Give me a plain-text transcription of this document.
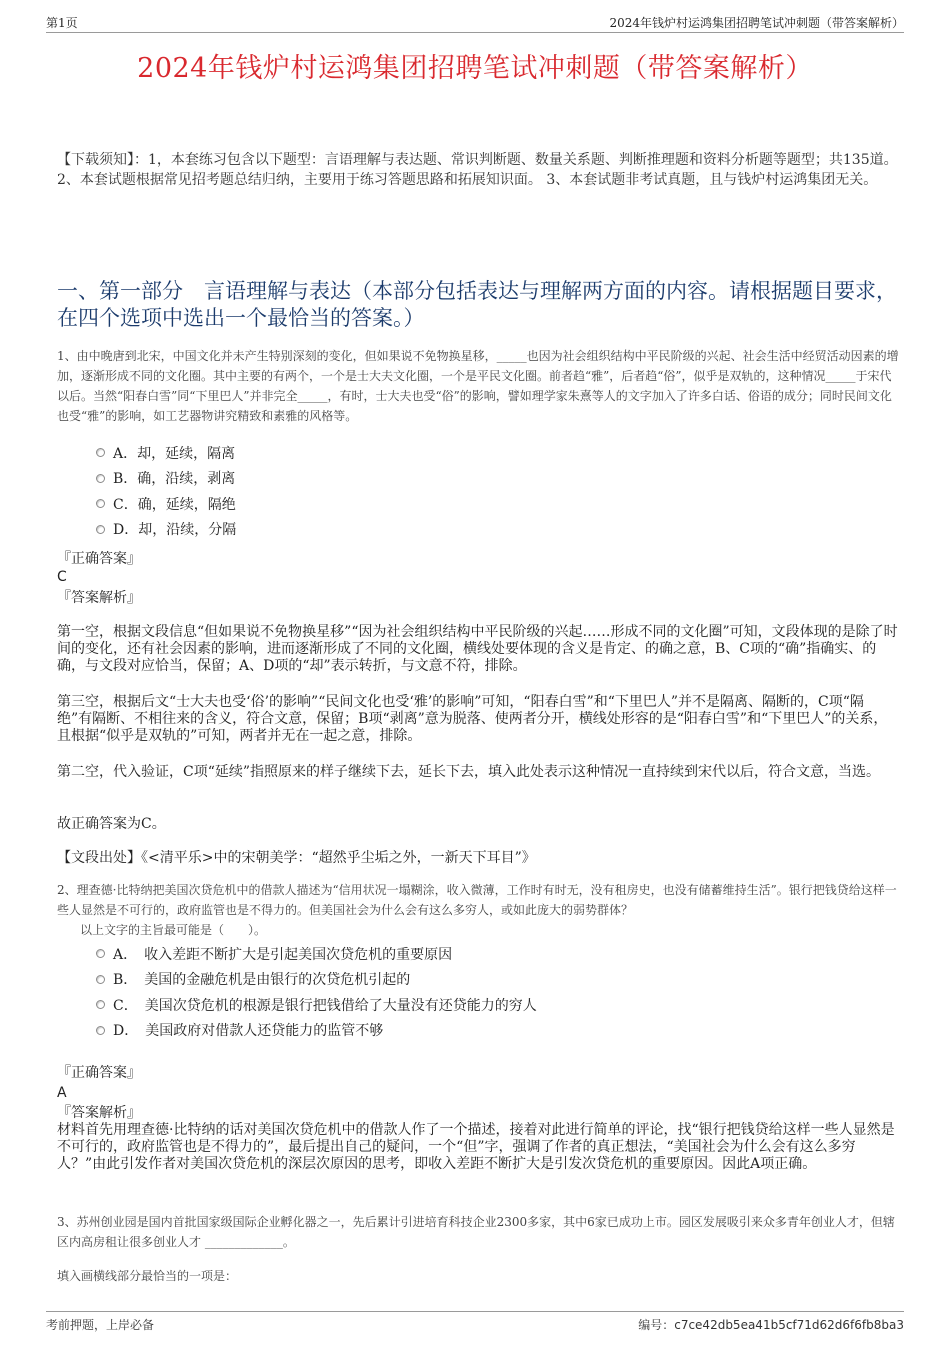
第1页	2024年钱炉村运鸿集团招聘笔试冲刺题（带答案解析）
2024年钱炉村运鸿集团招聘笔试冲刺题（带答案解析）
【下载须知】：1，本套练习包含以下题型：言语理解与表达题、常识判断题、数量关系题、判断推理题和资料分析题等题型；共135道。 2、本套试题根据常见招考题总结归纳，主要用于练习答题思路和拓展知识面。 3、本套试题非考试真题，且与钱炉村运鸿集团无关。
一、第一部分　言语理解与表达（本部分包括表达与理解两方面的内容。请根据题目要求，在四个选项中选出一个最恰当的答案。）
1、由中晚唐到北宋，中国文化并未产生特别深刻的变化，但如果说不免物换星移，_____也因为社会组织结构中平民阶级的兴起、社会生活中经贸活动因素的增加，逐渐形成不同的文化圈。其中主要的有两个，一个是士大夫文化圈，一个是平民文化圈。前者趋“雅”，后者趋“俗”，似乎是双轨的，这种情况_____于宋代以后。当然“阳春白雪”同“下里巴人”并非完全_____，有时，士大夫也受“俗”的影响，譬如理学家朱熹等人的文字加入了许多白话、俗语的成分；同时民间文化也受“雅”的影响，如工艺器物讲究精致和素雅的风格等。
A．却，延续，隔离
B．确，沿续，剥离
C．确，延续，隔绝
D．却，沿续，分隔
『正确答案』
C
『答案解析』
第一空，根据文段信息“但如果说不免物换星移”“因为社会组织结构中平民阶级的兴起……形成不同的文化圈”可知，文段体现的是除了时间的变化，还有社会因素的影响，进而逐渐形成了不同的文化圈，横线处要体现的含义是肯定、的确之意，B、C项的“确”指确实、的确，与文段对应恰当，保留；A、D项的“却”表示转折，与文意不符，排除。
第三空，根据后文“士大夫也受‘俗’的影响”“民间文化也受‘雅’的影响”可知，“阳春白雪”和“下里巴人”并不是隔离、隔断的，C项“隔绝”有隔断、不相往来的含义，符合文意，保留；B项“剥离”意为脱落、使两者分开，横线处形容的是“阳春白雪”和“下里巴人”的关系，且根据“似乎是双轨的”可知，两者并无在一起之意，排除。
第二空，代入验证，C项“延续”指照原来的样子继续下去，延长下去，填入此处表示这种情况一直持续到宋代以后，符合文意，当选。
故正确答案为C。
【文段出处】《<清平乐>中的宋朝美学：“超然乎尘垢之外，一新天下耳目”》
2、理查德·比特纳把美国次贷危机中的借款人描述为“信用状况一塌糊涂，收入微薄，工作时有时无，没有租房史，也没有储蓄维持生活”。银行把钱贷给这样一些人显然是不可行的，政府监管也是不得力的。但美国社会为什么会有这么多穷人，或如此庞大的弱势群体？
以上文字的主旨最可能是（　　）。
A．　收入差距不断扩大是引起美国次贷危机的重要原因
B．　美国的金融危机是由银行的次贷危机引起的
C．　美国次贷危机的根源是银行把钱借给了大量没有还贷能力的穷人
D．　美国政府对借款人还贷能力的监管不够
『正确答案』
A
『答案解析』
材料首先用理查德·比特纳的话对美国次贷危机中的借款人作了一个描述，接着对此进行简单的评论，找“银行把钱贷给这样一些人显然是不可行的，政府监管也是不得力的”，最后提出自己的疑问，一个“但”字，强调了作者的真正想法，“美国社会为什么会有这么多穷人？”由此引发作者对美国次贷危机的深层次原因的思考，即收入差距不断扩大是引发次贷危机的重要原因。因此A项正确。
3、苏州创业园是国内首批国家级国际企业孵化器之一，先后累计引进培育科技企业2300多家，其中6家已成功上市。园区发展吸引来众多青年创业人才，但辖区内高房租让很多创业人才 _____________。
填入画横线部分最恰当的一项是：
考前押题，上岸必备	编号：c7ce42db5ea41b5cf71d62d6f6fb8ba3
